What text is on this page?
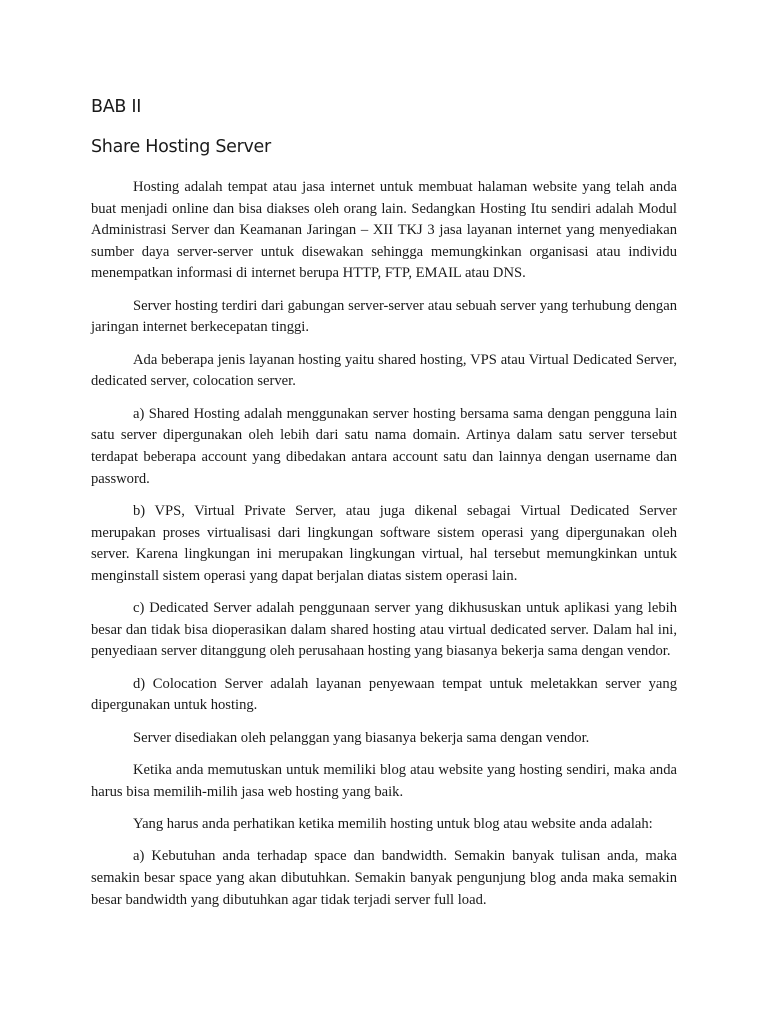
BAB II
Share Hosting Server

Hosting adalah tempat atau jasa internet untuk membuat halaman website yang telah anda buat menjadi online dan bisa diakses oleh orang lain. Sedangkan Hosting Itu sendiri adalah Modul Administrasi Server dan Keamanan Jaringan – XII TKJ 3 jasa layanan internet yang menyediakan sumber daya server-server untuk disewakan sehingga memungkinkan organisasi atau individu menempatkan informasi di internet berupa HTTP, FTP, EMAIL atau DNS.

Server hosting terdiri dari gabungan server-server atau sebuah server yang terhubung dengan jaringan internet berkecepatan tinggi.

Ada beberapa jenis layanan hosting yaitu shared hosting, VPS atau Virtual Dedicated Server, dedicated server, colocation server.

a) Shared Hosting adalah menggunakan server hosting bersama sama dengan pengguna lain satu server dipergunakan oleh lebih dari satu nama domain. Artinya dalam satu server tersebut terdapat beberapa account yang dibedakan antara account satu dan lainnya dengan username dan password.

b) VPS, Virtual Private Server, atau juga dikenal sebagai Virtual Dedicated Server merupakan proses virtualisasi dari lingkungan software sistem operasi yang dipergunakan oleh server. Karena lingkungan ini merupakan lingkungan virtual, hal tersebut memungkinkan untuk menginstall sistem operasi yang dapat berjalan diatas sistem operasi lain.

c) Dedicated Server adalah penggunaan server yang dikhususkan untuk aplikasi yang lebih besar dan tidak bisa dioperasikan dalam shared hosting atau virtual dedicated server. Dalam hal ini, penyediaan server ditanggung oleh perusahaan hosting yang biasanya bekerja sama dengan vendor.

d) Colocation Server adalah layanan penyewaan tempat untuk meletakkan server yang dipergunakan untuk hosting.

Server disediakan oleh pelanggan yang biasanya bekerja sama dengan vendor.

Ketika anda memutuskan untuk memiliki blog atau website yang hosting sendiri, maka anda harus bisa memilih-milih jasa web hosting yang baik.

Yang harus anda perhatikan ketika memilih hosting untuk blog atau website anda adalah:

a) Kebutuhan anda terhadap space dan bandwidth. Semakin banyak tulisan anda, maka semakin besar space yang akan dibutuhkan. Semakin banyak pengunjung blog anda maka semakin besar bandwidth yang dibutuhkan agar tidak terjadi server full load.
